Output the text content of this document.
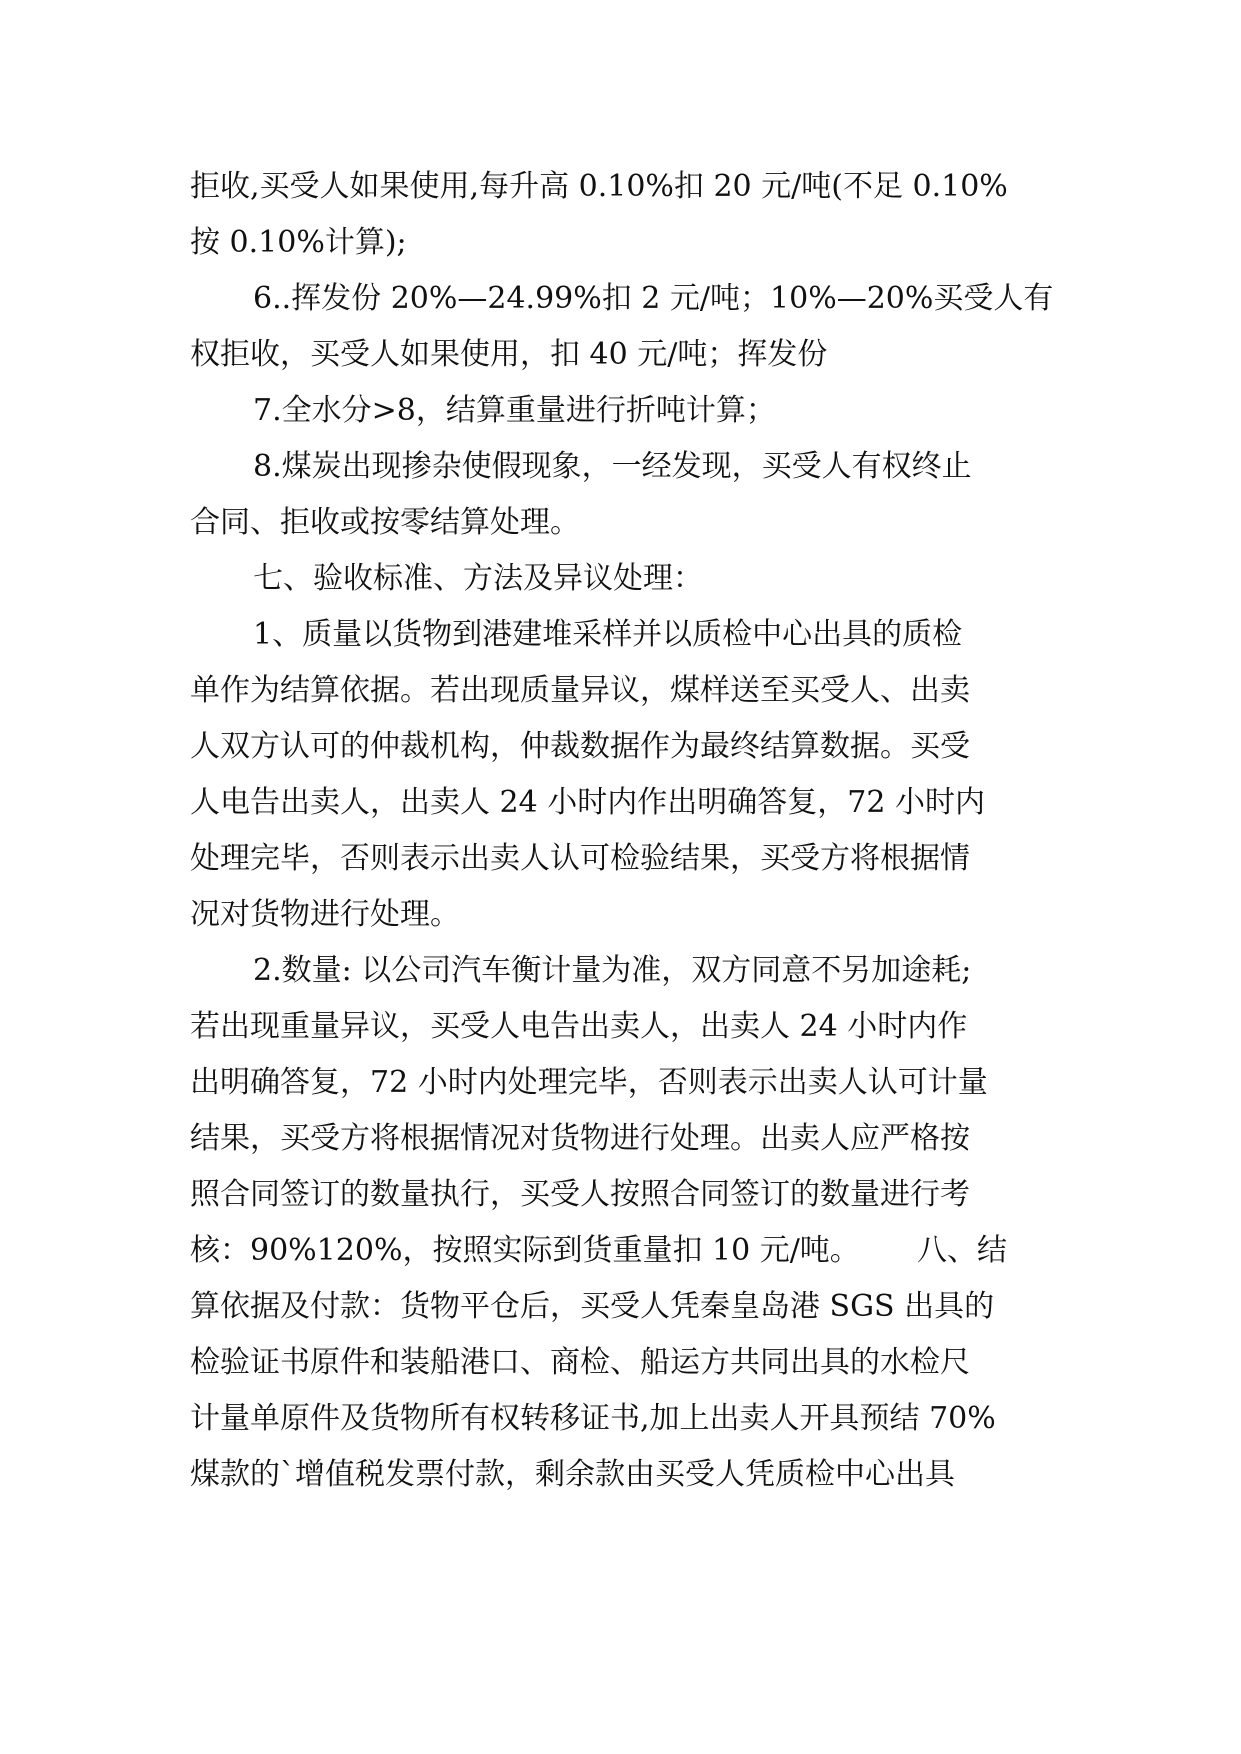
拒收,买受人如果使用,每升高 0.10%扣 20 元/吨(不足 0.10%
按 0.10%计算);
6..挥发份 20%—24.99%扣 2 元/吨；10%—20%买受人有
权拒收，买受人如果使用，扣 40 元/吨；挥发份
7.全水分>8，结算重量进行折吨计算；
8.煤炭出现掺杂使假现象，一经发现，买受人有权终止
合同、拒收或按零结算处理。
七、验收标准、方法及异议处理：
1、质量以货物到港建堆采样并以质检中心出具的质检
单作为结算依据。若出现质量异议，煤样送至买受人、出卖
人双方认可的仲裁机构，仲裁数据作为最终结算数据。买受
人电告出卖人，出卖人 24 小时内作出明确答复，72 小时内
处理完毕，否则表示出卖人认可检验结果，买受方将根据情
况对货物进行处理。
2.数量: 以公司汽车衡计量为准，双方同意不另加途耗;
若出现重量异议，买受人电告出卖人，出卖人 24 小时内作
出明确答复，72 小时内处理完毕，否则表示出卖人认可计量
结果，买受方将根据情况对货物进行处理。出卖人应严格按
照合同签订的数量执行，买受人按照合同签订的数量进行考
核：90%120%，按照实际到货重量扣 10 元/吨。      八、结
算依据及付款：货物平仓后，买受人凭秦皇岛港 SGS 出具的
检验证书原件和装船港口、商检、船运方共同出具的水检尺
计量单原件及货物所有权转移证书,加上出卖人开具预结 70%
煤款的`增值税发票付款，剩余款由买受人凭质检中心出具
